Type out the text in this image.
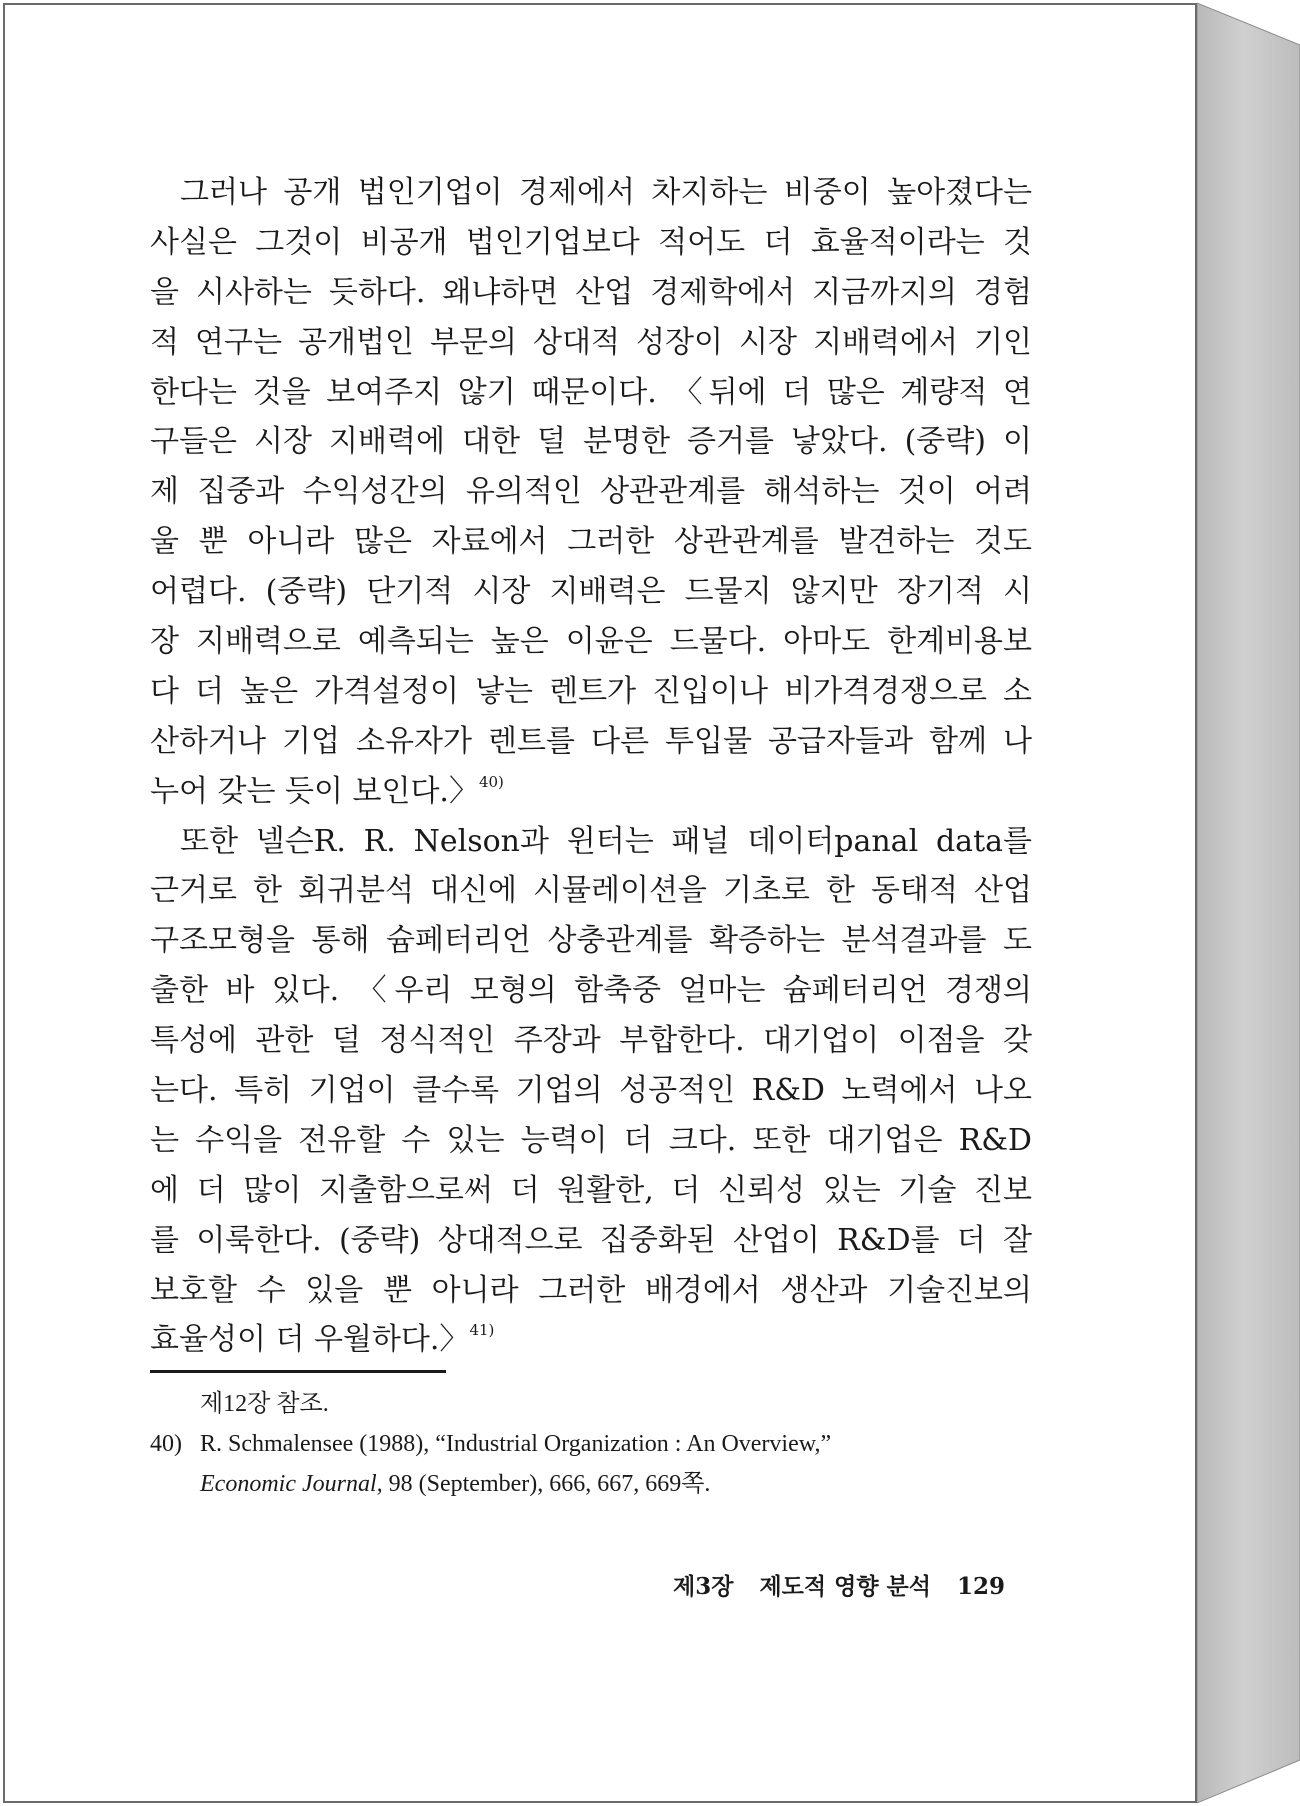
그러나 공개 법인기업이 경제에서 차지하는 비중이 높아졌다는
사실은 그것이 비공개 법인기업보다 적어도 더 효율적이라는 것
을 시사하는 듯하다. 왜냐하면 산업 경제학에서 지금까지의 경험
적 연구는 공개법인 부문의 상대적 성장이 시장 지배력에서 기인
한다는 것을 보여주지 않기 때문이다. 〈뒤에 더 많은 계량적 연
구들은 시장 지배력에 대한 덜 분명한 증거를 낳았다. (중략) 이
제 집중과 수익성간의 유의적인 상관관계를 해석하는 것이 어려
울 뿐 아니라 많은 자료에서 그러한 상관관계를 발견하는 것도
어렵다. (중략) 단기적 시장 지배력은 드물지 않지만 장기적 시
장 지배력으로 예측되는 높은 이윤은 드물다. 아마도 한계비용보
다 더 높은 가격설정이 낳는 렌트가 진입이나 비가격경쟁으로 소
산하거나 기업 소유자가 렌트를 다른 투입물 공급자들과 함께 나
누어 갖는 듯이 보인다.〉$^{40)}$
또한 넬슨R. R. Nelson과 윈터는 패널 데이터panal data를
근거로 한 회귀분석 대신에 시뮬레이션을 기초로 한 동태적 산업
구조모형을 통해 슘페터리언 상충관계를 확증하는 분석결과를 도
출한 바 있다. 〈우리 모형의 함축중 얼마는 슘페터리언 경쟁의
특성에 관한 덜 정식적인 주장과 부합한다. 대기업이 이점을 갖
는다. 특히 기업이 클수록 기업의 성공적인 R&D 노력에서 나오
는 수익을 전유할 수 있는 능력이 더 크다. 또한 대기업은 R&D
에 더 많이 지출함으로써 더 원활한, 더 신뢰성 있는 기술 진보
를 이룩한다. (중략) 상대적으로 집중화된 산업이 R&D를 더 잘
보호할 수 있을 뿐 아니라 그러한 배경에서 생산과 기술진보의
효율성이 더 우월하다.〉$^{41)}$
제12장 참조.
40) R. Schmalensee (1988), “Industrial Organization : An Overview,”
Economic Journal, 98 (September), 666, 667, 669쪽.
제3장 제도적 영향 분석 129
